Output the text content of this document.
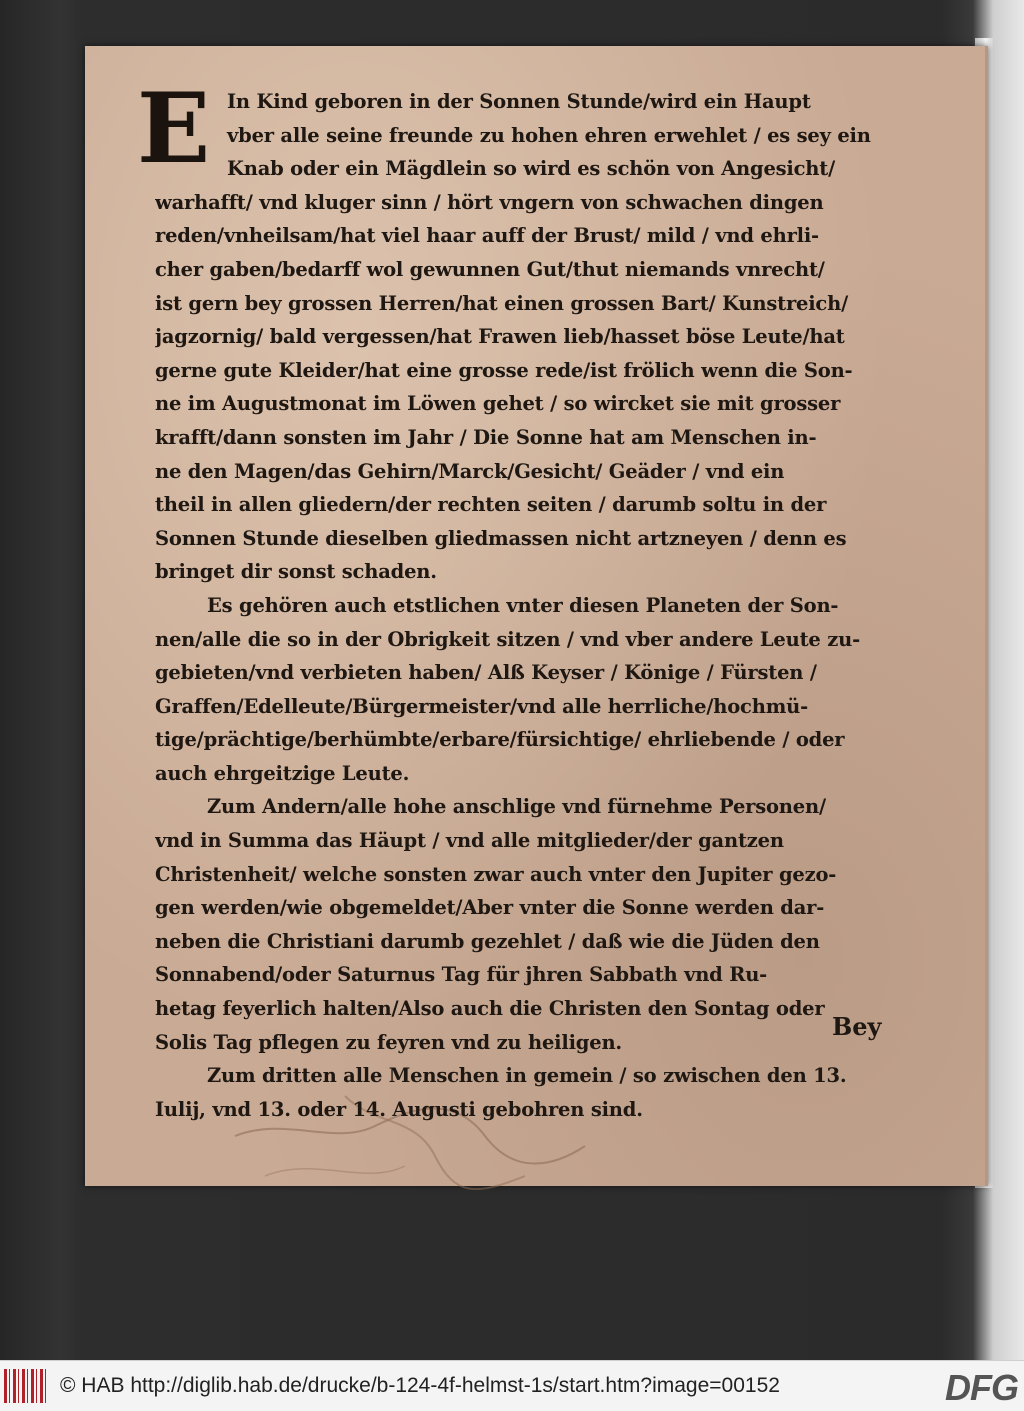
E In Kind geboren in der Sonnen Stunde/wird ein Haupt
vber alle seine freunde zu hohen ehren erwehlet / es sey ein
Knab oder ein Mägdlein so wird es schön von Angesicht/
warhafft/ vnd kluger sinn / hört vngern von schwachen dingen
reden/vnheilsam/hat viel haar auff der Brust/ mild / vnd ehrli-
cher gaben/bedarff wol gewunnen Gut/thut niemands vnrecht/
ist gern bey grossen Herren/hat einen grossen Bart/ Kunstreich/
jagzornig/ bald vergessen/hat Frawen lieb/hasset böse Leute/hat
gerne gute Kleider/hat eine grosse rede/ist frölich wenn die Son-
ne im Augustmonat im Löwen gehet / so wircket sie mit grosser
krafft/dann sonsten im Jahr / Die Sonne hat am Menschen in-
ne den Magen/das Gehirn/Marck/Gesicht/ Geäder / vnd ein
theil in allen gliedern/der rechten seiten / darumb soltu in der
Sonnen Stunde dieselben gliedmassen nicht artzneyen / denn es
bringet dir sonst schaden.
Es gehören auch etstlichen vnter diesen Planeten der Son-
nen/alle die so in der Obrigkeit sitzen / vnd vber andere Leute zu-
gebieten/vnd verbieten haben/ Alß Keyser / Könige / Fürsten /
Graffen/Edelleute/Bürgermeister/vnd alle herrliche/hochmü-
tige/prächtige/berhümbte/erbare/fürsichtige/ ehrliebende / oder
auch ehrgeitzige Leute.
Zum Andern/alle hohe anschlige vnd fürnehme Personen/
vnd in Summa das Häupt / vnd alle mitglieder/der gantzen
Christenheit/ welche sonsten zwar auch vnter den Jupiter gezo-
gen werden/wie obgemeldet/Aber vnter die Sonne werden dar-
neben die Christiani darumb gezehlet / daß wie die Jüden den
Sonnabend/oder Saturnus Tag für jhren Sabbath vnd Ru-
hetag feyerlich halten/Also auch die Christen den Sontag oder
Solis Tag pflegen zu feyren vnd zu heiligen.
Zum dritten alle Menschen in gemein / so zwischen den 13.
Iulij, vnd 13. oder 14. Augusti gebohren sind.
Bey
© HAB http://diglib.hab.de/drucke/b-124-4f-helmst-1s/start.htm?image=00152	DFG
